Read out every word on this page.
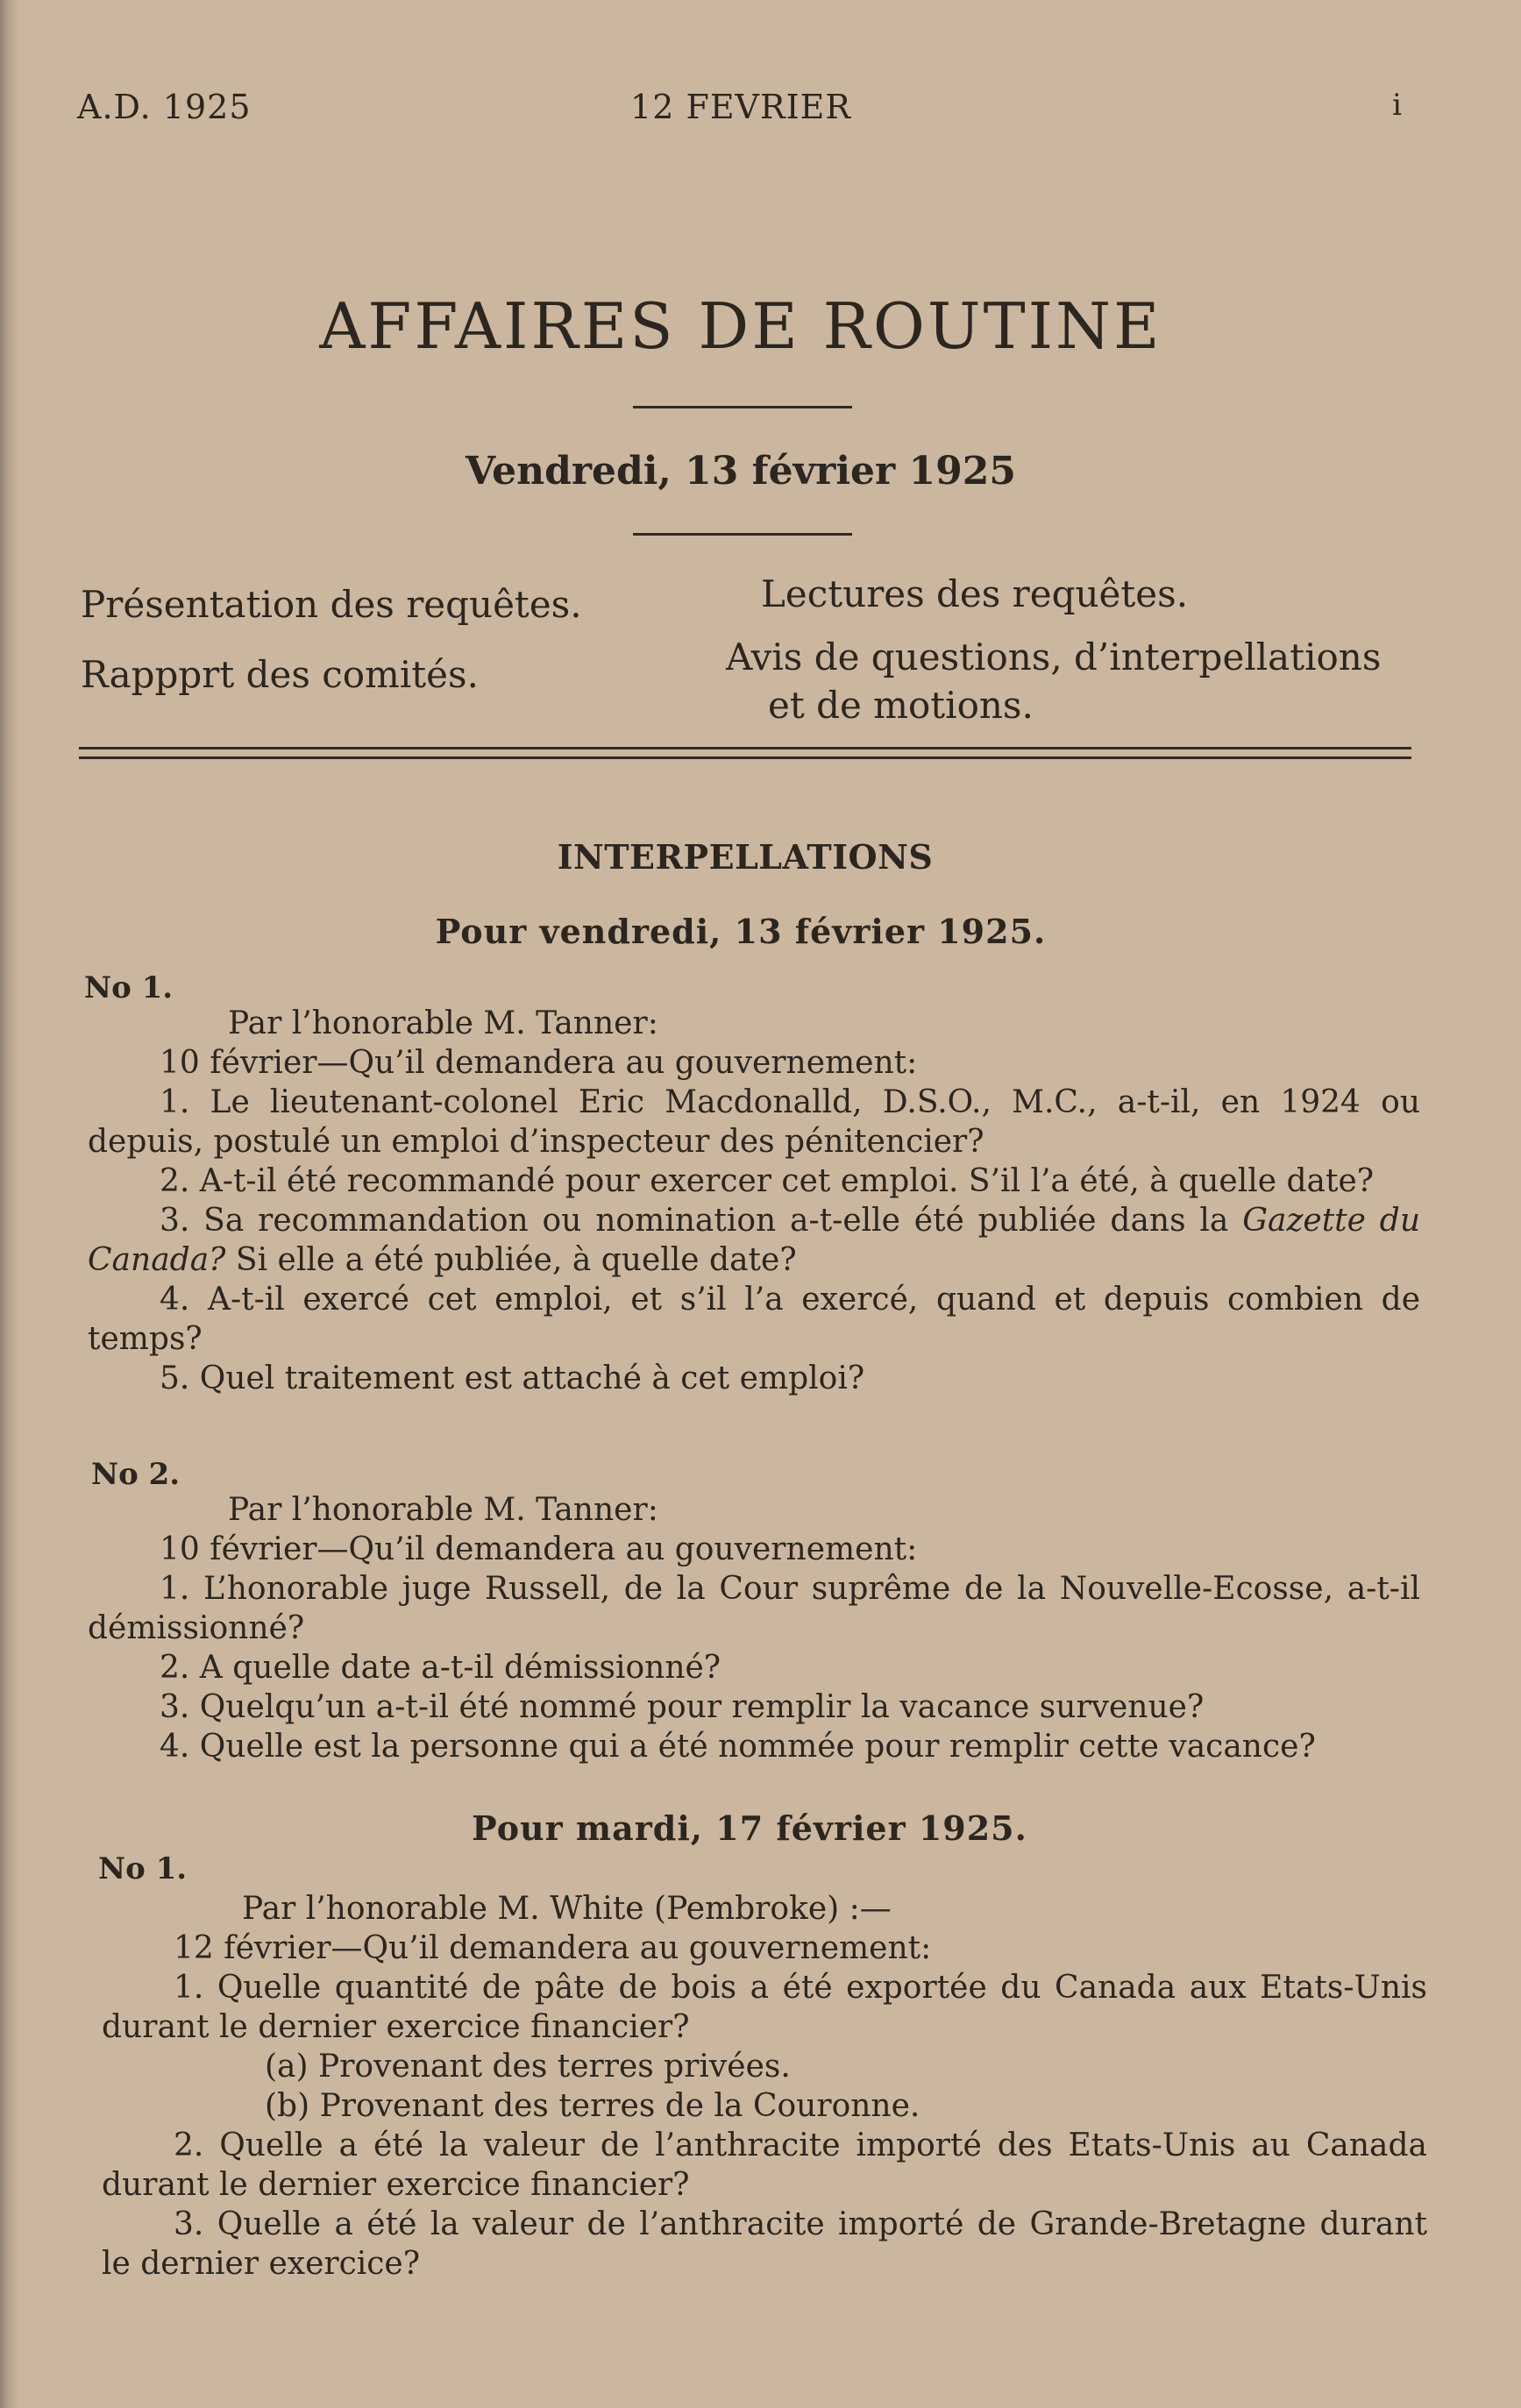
A.D. 1925	12 FEVRIER	i
AFFAIRES DE ROUTINE
Vendredi, 13 février 1925
Présentation des requêtes.
Rappprt des comités.
Lectures des requêtes.
Avis de questions, d’interpellations
et de motions.
INTERPELLATIONS
Pour vendredi, 13 février 1925.
No 1.

Par l’honorable M. Tanner:

10 février—Qu’il demandera au gouvernement:

1. Le lieutenant-colonel Eric Macdonalld, D.S.O., M.C., a-t-il, en 1924 ou depuis, postulé un emploi d’inspecteur des pénitencier?

2. A-t-il été recommandé pour exercer cet emploi. S’il l’a été, à quelle date?

3. Sa recommandation ou nomination a-t-elle été publiée dans la Gazette du Canada? Si elle a été publiée, à quelle date?

4. A-t-il exercé cet emploi, et s’il l’a exercé, quand et depuis combien de temps?

5. Quel traitement est attaché à cet emploi?

No 2.

Par l’honorable M. Tanner:

10 février—Qu’il demandera au gouvernement:

1. L’honorable juge Russell, de la Cour suprême de la Nouvelle-Ecosse, a-t-il démissionné?

2. A quelle date a-t-il démissionné?

3. Quelqu’un a-t-il été nommé pour remplir la vacance survenue?

4. Quelle est la personne qui a été nommée pour remplir cette vacance?

Pour mardi, 17 février 1925.
No 1.

Par l’honorable M. White (Pembroke) :—

12 février—Qu’il demandera au gouvernement:

1. Quelle quantité de pâte de bois a été exportée du Canada aux Etats-Unis durant le dernier exercice financier?

(a) Provenant des terres privées.

(b) Provenant des terres de la Couronne.

2. Quelle a été la valeur de l’anthracite importé des Etats-Unis au Canada durant le dernier exercice financier?

3. Quelle a été la valeur de l’anthracite importé de Grande-Bretagne durant le dernier exercice?
